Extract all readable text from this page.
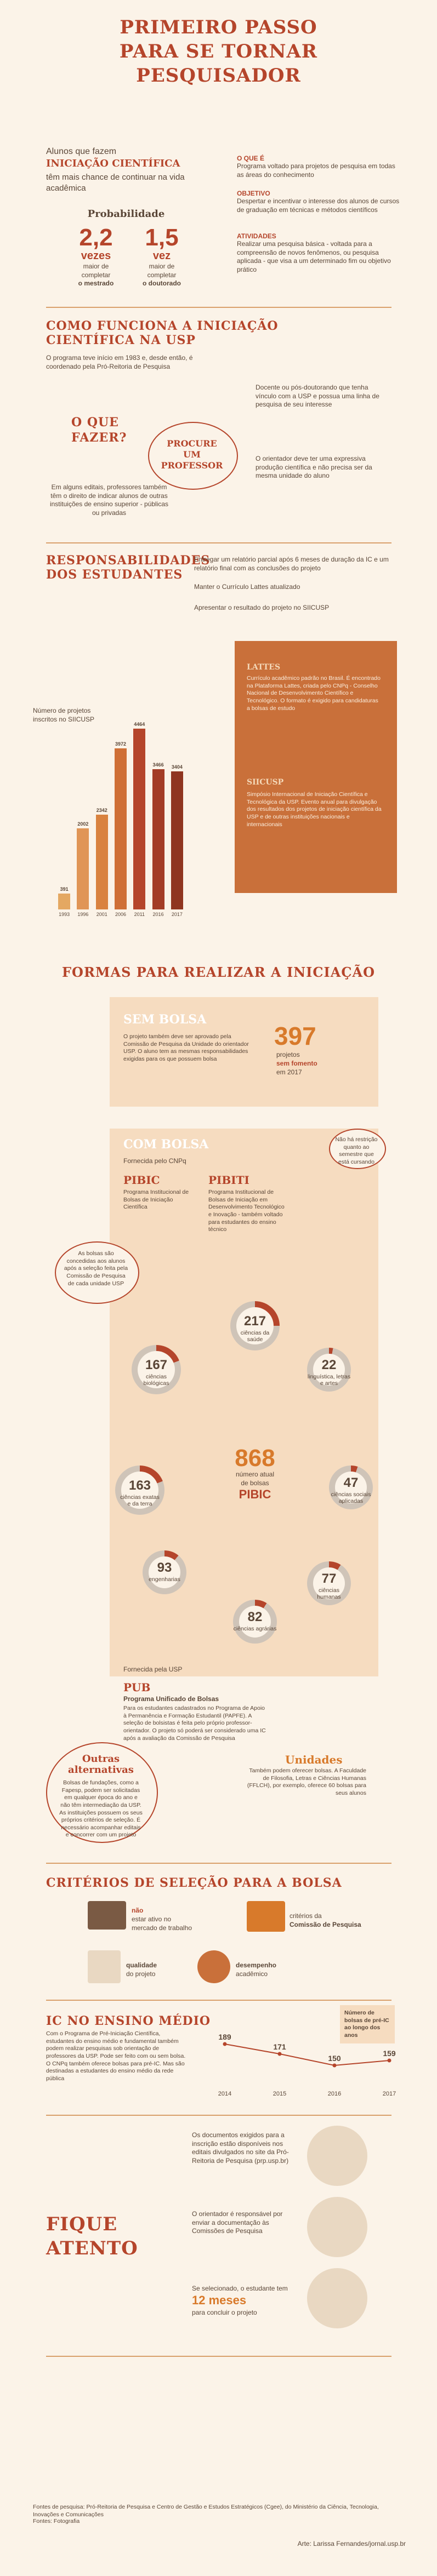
PRIMEIRO PASSO
PARA SE TORNAR
PESQUISADOR
Alunos que fazem
INICIAÇÃO CIENTÍFICA
têm mais chance de continuar na vida acadêmica
Probabilidade
2,2
vezes
maior de
completar
o mestrado
1,5
vez
maior de
completar
o doutorado
O QUE É
Programa voltado para projetos de pesquisa em todas as áreas do conhecimento
OBJETIVO
Despertar e incentivar o interesse dos alunos de cursos de graduação em técnicas e métodos científicos
ATIVIDADES
Realizar uma pesquisa básica - voltada para a compreensão de novos fenômenos, ou pesquisa aplicada - que visa a um determinado fim ou objetivo prático
COMO FUNCIONA A INICIAÇÃO
CIENTÍFICA NA USP
O programa teve início em 1983 e, desde então, é coordenado pela Pró-Reitoria de Pesquisa
O QUE
FAZER?	PROCURE
UM
PROFESSOR
Em alguns editais, professores também têm o direito de indicar alunos de outras instituições de ensino superior - públicas ou privadas
Docente ou pós-doutorando que tenha vínculo com a USP e possua uma linha de pesquisa de seu interesse
O orientador deve ter uma expressiva produção científica e não precisa ser da mesma unidade do aluno
RESPONSABILIDADES
DOS ESTUDANTES
Entregar um relatório parcial após 6 meses de duração da IC e um relatório final com as conclusões do projeto
Manter o Currículo Lattes atualizado
Apresentar o resultado do projeto no SIICUSP
Número de projetos
inscritos no SIICUSP
391
2002
2342
3972
4464
3466	3404
1993	1996	2001	2006	2011	2016	2017
LATTES
Currículo acadêmico padrão no Brasil. É encontrado na Plataforma Lattes, criada pelo CNPq - Conselho Nacional de Desenvolvimento Científico e Tecnológico. O formato é exigido para candidaturas a bolsas de estudo
SIICUSP
Simpósio Internacional de Iniciação Científica e Tecnológica da USP. Evento anual para divulgação dos resultados dos projetos de iniciação científica da USP e de outras instituições nacionais e internacionais
FORMAS PARA REALIZAR A INICIAÇÃO
SEM BOLSA
O projeto também deve ser aprovado pela Comissão de Pesquisa da Unidade do orientador USP. O aluno tem as mesmas responsabilidades exigidas para os que possuem bolsa
397
projetos
sem fomento
em 2017
COM BOLSA
Fornecida pelo CNPq
Não há restrição quanto ao semestre que está cursando
PIBIC
Programa Institucional de Bolsas de Iniciação Científica
PIBITI
Programa Institucional de Bolsas de Iniciação em Desenvolvimento Tecnológico e Inovação - também voltado para estudantes do ensino técnico
As bolsas são concedidas aos alunos após a seleção feita pela Comissão de Pesquisa de cada unidade USP
217
ciências da saúde
167
ciências biológicas
22
linguística, letras e artes
163
ciências exatas e da terra
47
ciências sociais aplicadas
93
engenharias
82
ciências agrárias
77
ciências humanas
868
número atual
de bolsas
PIBIC
Fornecida pela USP
PUB
Programa Unificado de Bolsas
Para os estudantes cadastrados no Programa de Apoio à Permanência e Formação Estudantil (PAPFE). A seleção de bolsistas é feita pelo próprio professor-orientador. O projeto só poderá ser considerado uma IC após a avaliação da Comissão de Pesquisa
Outras
alternativas
Bolsas de fundações, como a Fapesp, podem ser solicitadas em qualquer época do ano e não têm intermediação da USP. As instituições possuem os seus próprios critérios de seleção. É necessário acompanhar editais e concorrer com um projeto
Unidades
Também podem oferecer bolsas. A Faculdade de Filosofia, Letras e Ciências Humanas (FFLCH), por exemplo, oferece 60 bolsas para seus alunos
CRITÉRIOS DE SELEÇÃO PARA A BOLSA
não
estar ativo no
mercado de trabalho
critérios da
Comissão de Pesquisa
qualidade
do projeto
desempenho
acadêmico
IC NO ENSINO MÉDIO
Com o Programa de Pré-Iniciação Científica, estudantes do ensino médio e fundamental também podem realizar pesquisas sob orientação de professores da USP. Pode ser feito com ou sem bolsa. O CNPq também oferece bolsas para pré-IC. Mas são destinadas a estudantes do ensino médio da rede pública
Número de bolsas de pré-IC ao longo dos anos
189
2014
171
2015
150
2016
159
2017
FIQUE
ATENTO
Os documentos exigidos para a inscrição estão disponíveis nos editais divulgados no site da Pró-Reitoria de Pesquisa (prp.usp.br)
O orientador é responsável por enviar a documentação às Comissões de Pesquisa
Se selecionado, o estudante tem
12 meses
para concluir o projeto
Fontes de pesquisa: Pró-Reitoria de Pesquisa e Centro de Gestão e Estudos Estratégicos (Cgee), do Ministério da Ciência, Tecnologia, Inovações e Comunicações
Fontes: Fotografia
Arte: Larissa Fernandes/jornal.usp.br
